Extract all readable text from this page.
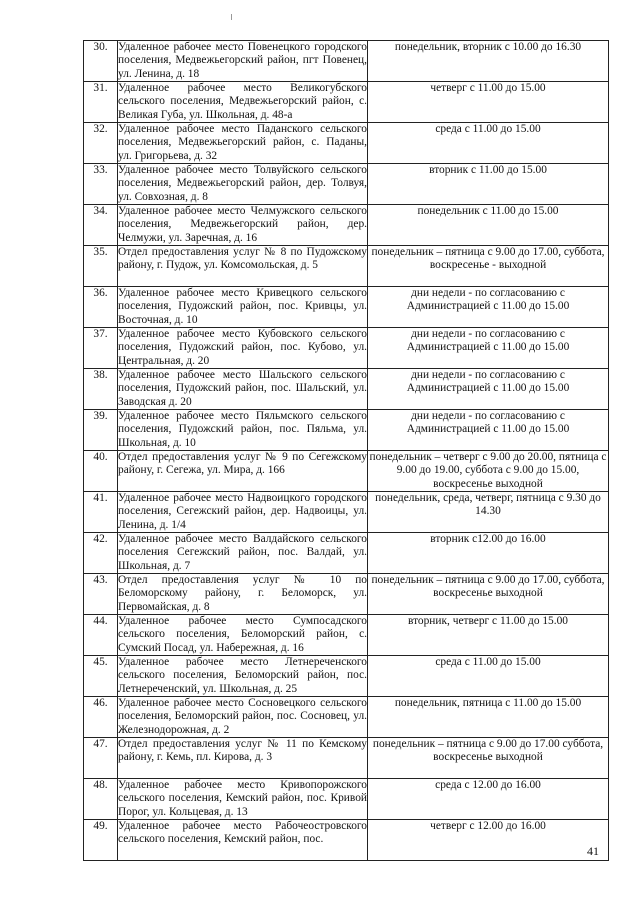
30.	Удаленное рабочее место Повенецкого городского поселения, Медвежьегорский район, пгт Повенец, ул. Ленина, д. 18	понедельник, вторник с 10.00 до 16.30
31.	Удаленное рабочее место Великогубского сельского поселения, Медвежьегорский район, с. Великая Губа, ул. Школьная, д. 48-а	четверг с 11.00 до 15.00
32.	Удаленное рабочее место Паданского сельского поселения, Медвежьегорский район, с. Паданы, ул. Григорьева, д. 32	среда с 11.00 до 15.00
33.	Удаленное рабочее место Толвуйского сельского поселения, Медвежьегорский район, дер. Толвуя, ул. Совхозная, д. 8	вторник с 11.00 до 15.00
34.	Удаленное рабочее место Челмужского сельского поселения, Медвежьегорский район, дер. Челмужи, ул. Заречная, д. 16	понедельник с 11.00 до 15.00
35.	Отдел предоставления услуг № 8 по Пудожскому району, г. Пудож, ул. Комсомольская, д. 5	понедельник – пятница с 9.00 до 17.00, суббота, воскресенье - выходной
36.	Удаленное рабочее место Кривецкого сельского поселения, Пудожский район, пос. Кривцы, ул. Восточная, д. 10	дни недели - по согласованию с Администрацией с 11.00 до 15.00
37.	Удаленное рабочее место Кубовского сельского поселения, Пудожский район, пос. Кубово, ул. Центральная, д. 20	дни недели - по согласованию с Администрацией с 11.00 до 15.00
38.	Удаленное рабочее место Шальского сельского поселения, Пудожский район, пос. Шальский, ул. Заводская д. 20	дни недели - по согласованию с Администрацией с 11.00 до 15.00
39.	Удаленное рабочее место Пяльмского сельского поселения, Пудожский район, пос. Пяльма, ул. Школьная, д. 10	дни недели - по согласованию с Администрацией с 11.00 до 15.00
40.	Отдел предоставления услуг № 9 по Сегежскому району, г. Сегежа, ул. Мира, д. 166	понедельник – четверг с 9.00 до 20.00, пятница с 9.00 до 19.00, суббота с 9.00 до 15.00, воскресенье выходной
41.	Удаленное рабочее место Надвоицкого городского поселения, Сегежский район, дер. Надвоицы, ул. Ленина, д. 1/4	понедельник, среда, четверг, пятница с 9.30 до 14.30
42.	Удаленное рабочее место Валдайского сельского поселения Сегежский район, пос. Валдай, ул. Школьная, д. 7	вторник с12.00 до 16.00
43.	Отдел предоставления услуг № 10 по Беломорскому району, г. Беломорск, ул. Первомайская, д. 8	понедельник – пятница с 9.00 до 17.00, суббота, воскресенье выходной
44.	Удаленное рабочее место Сумпосадского сельского поселения, Беломорский район, с. Сумский Посад, ул. Набережная, д. 16	вторник, четверг с 11.00 до 15.00
45.	Удаленное рабочее место Летнереченского сельского поселения, Беломорский район, пос. Летнереченский, ул. Школьная, д. 25	среда с 11.00 до 15.00
46.	Удаленное рабочее место Сосновецкого сельского поселения, Беломорский район, пос. Сосновец, ул. Железнодорожная, д. 2	понедельник, пятница с 11.00 до 15.00
47.	Отдел предоставления услуг № 11 по Кемскому району, г. Кемь, пл. Кирова, д. 3	понедельник – пятница с 9.00 до 17.00 суббота, воскресенье выходной
48.	Удаленное рабочее место Кривопорожского сельского поселения, Кемский район, пос. Кривой Порог, ул. Кольцевая, д. 13	среда с 12.00 до 16.00
49.	Удаленное рабочее место Рабочеостровского сельского поселения, Кемский район, пос.	четверг с 12.00 до 16.00
41
